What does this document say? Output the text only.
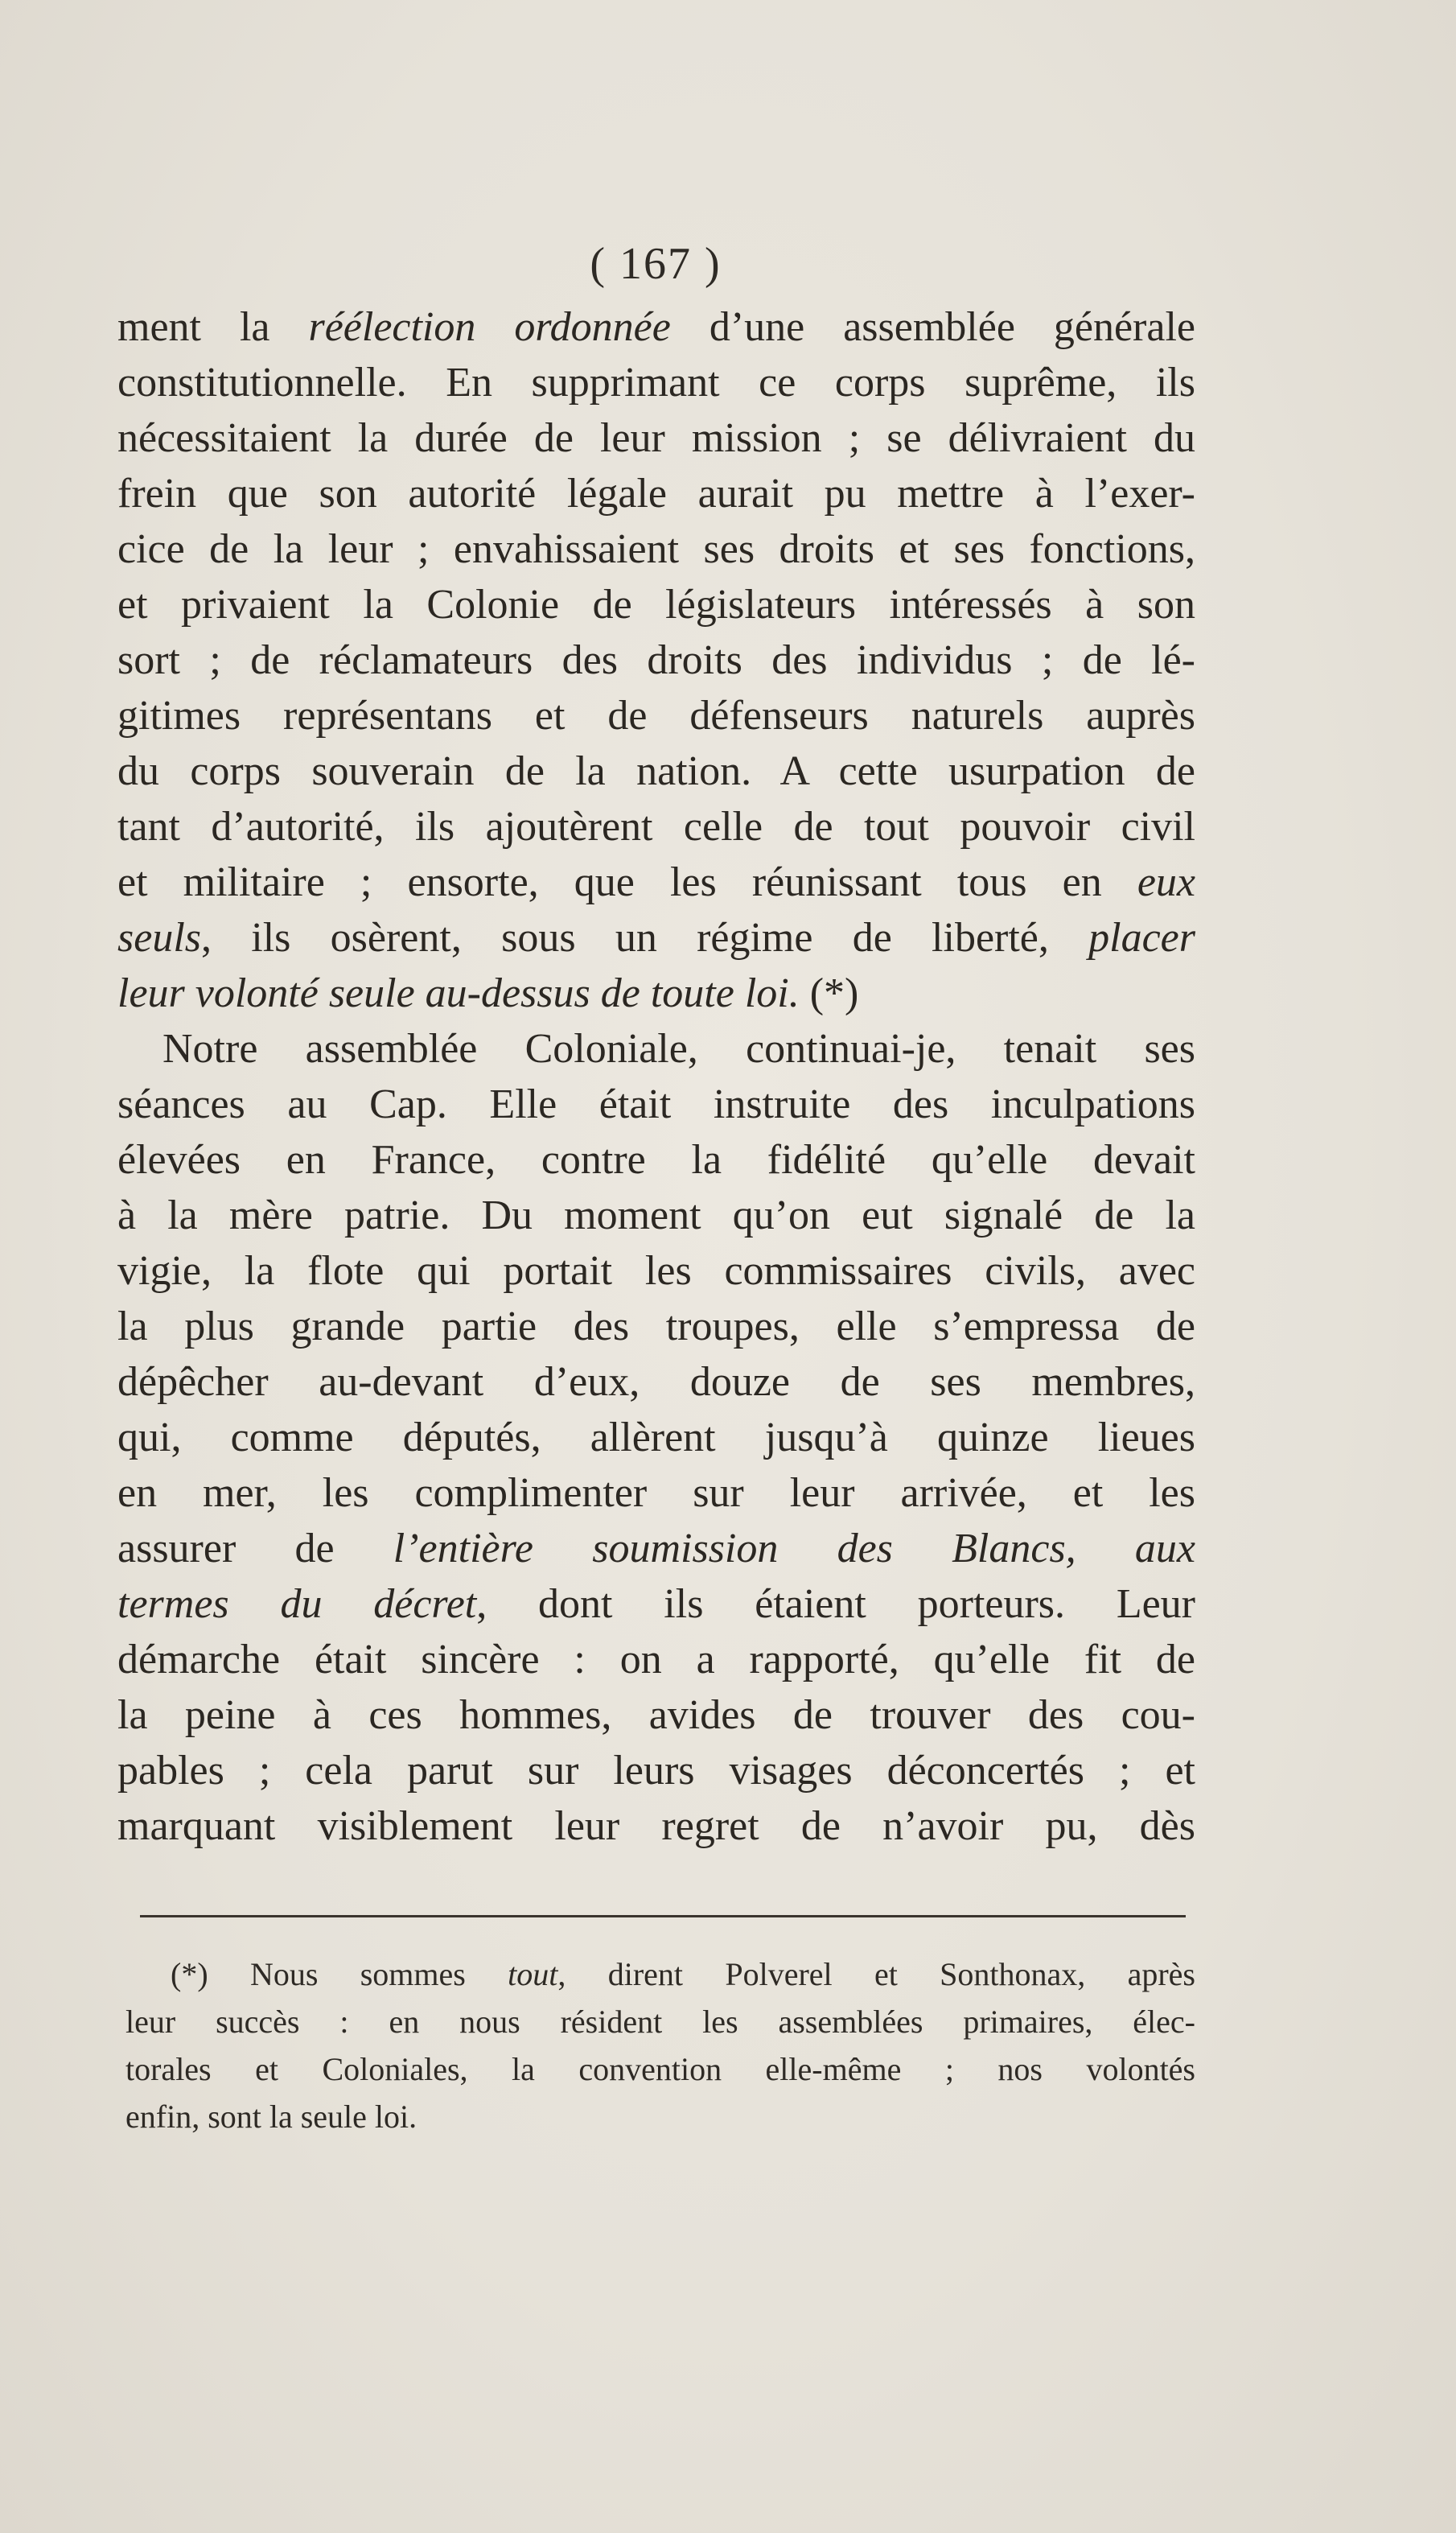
( 167 )
ment la réélection ordonnée d’une assemblée générale
constitutionnelle. En supprimant ce corps suprême, ils
nécessitaient la durée de leur mission ; se délivraient du
frein que son autorité légale aurait pu mettre à l’exer-
cice de la leur ; envahissaient ses droits et ses fonctions,
et privaient la Colonie de législateurs intéressés à son
sort ; de réclamateurs des droits des individus ; de lé-
gitimes représentans et de défenseurs naturels auprès
du corps souverain de la nation. A cette usurpation de
tant d’autorité, ils ajoutèrent celle de tout pouvoir civil
et militaire ; ensorte, que les réunissant tous en eux
seuls, ils osèrent, sous un régime de liberté, placer
leur volonté seule au-dessus de toute loi. (*)
Notre assemblée Coloniale, continuai-je, tenait ses
séances au Cap. Elle était instruite des inculpations
élevées en France, contre la fidélité qu’elle devait
à la mère patrie. Du moment qu’on eut signalé de la
vigie, la flote qui portait les commissaires civils, avec
la plus grande partie des troupes, elle s’empressa de
dépêcher au-devant d’eux, douze de ses membres,
qui, comme députés, allèrent jusqu’à quinze lieues
en mer, les complimenter sur leur arrivée, et les
assurer de l’entière soumission des Blancs, aux
termes du décret, dont ils étaient porteurs. Leur
démarche était sincère : on a rapporté, qu’elle fit de
la peine à ces hommes, avides de trouver des cou-
pables ; cela parut sur leurs visages déconcertés ; et
marquant visiblement leur regret de n’avoir pu, dès
(*) Nous sommes tout, dirent Polverel et Sonthonax, après
leur succès : en nous résident les assemblées primaires, élec-
torales et Coloniales, la convention elle-même ; nos volontés
enfin, sont la seule loi.
